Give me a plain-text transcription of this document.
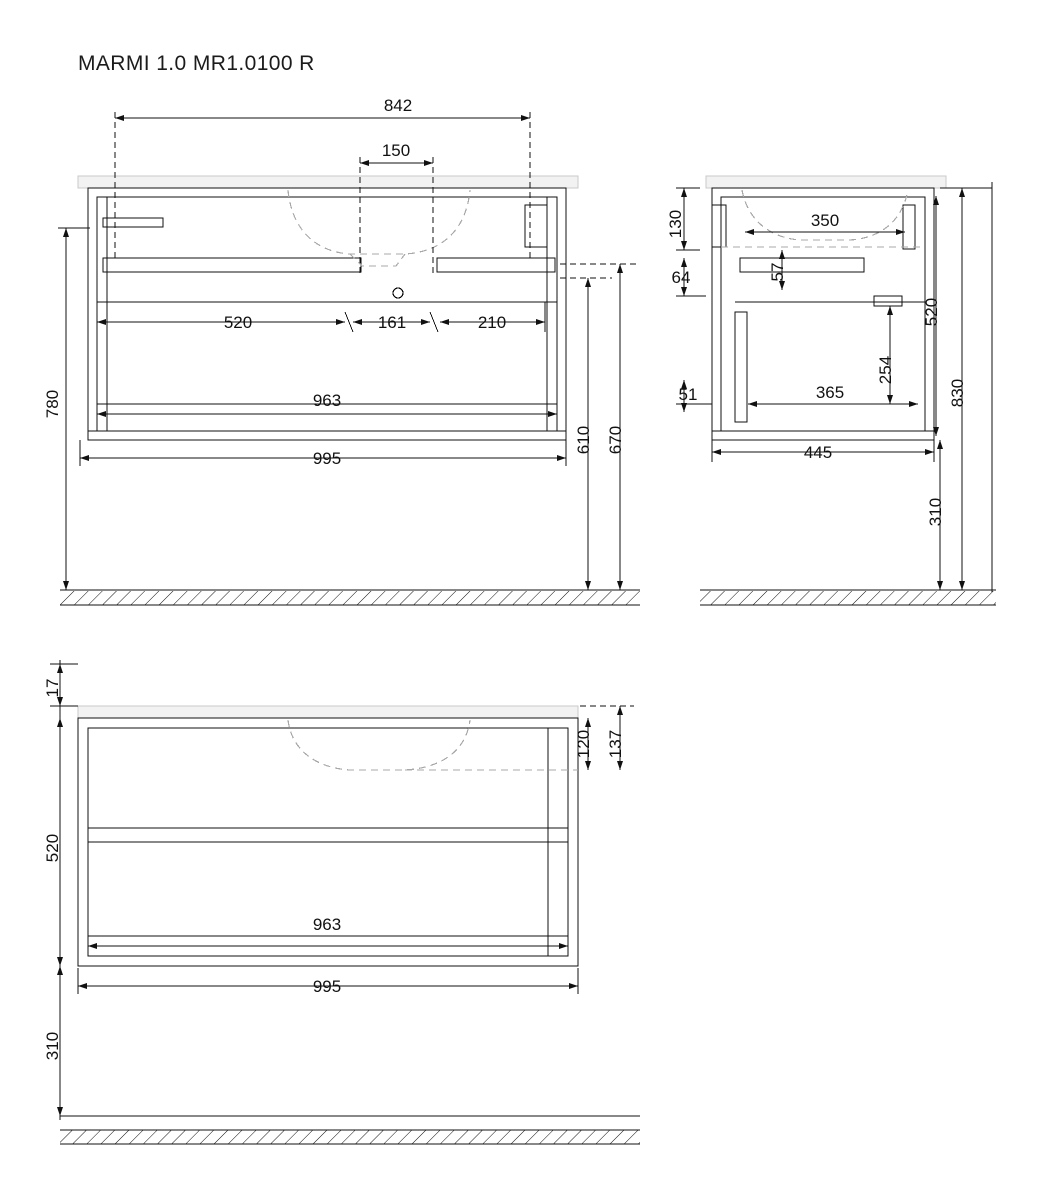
MARMI 1.0 MR1.0100 R
842
150
520	161	210
963
995
780
610 670
130	350
64	57
520
254
51	365	830
445
310
17
120 137
520
963
995
310
